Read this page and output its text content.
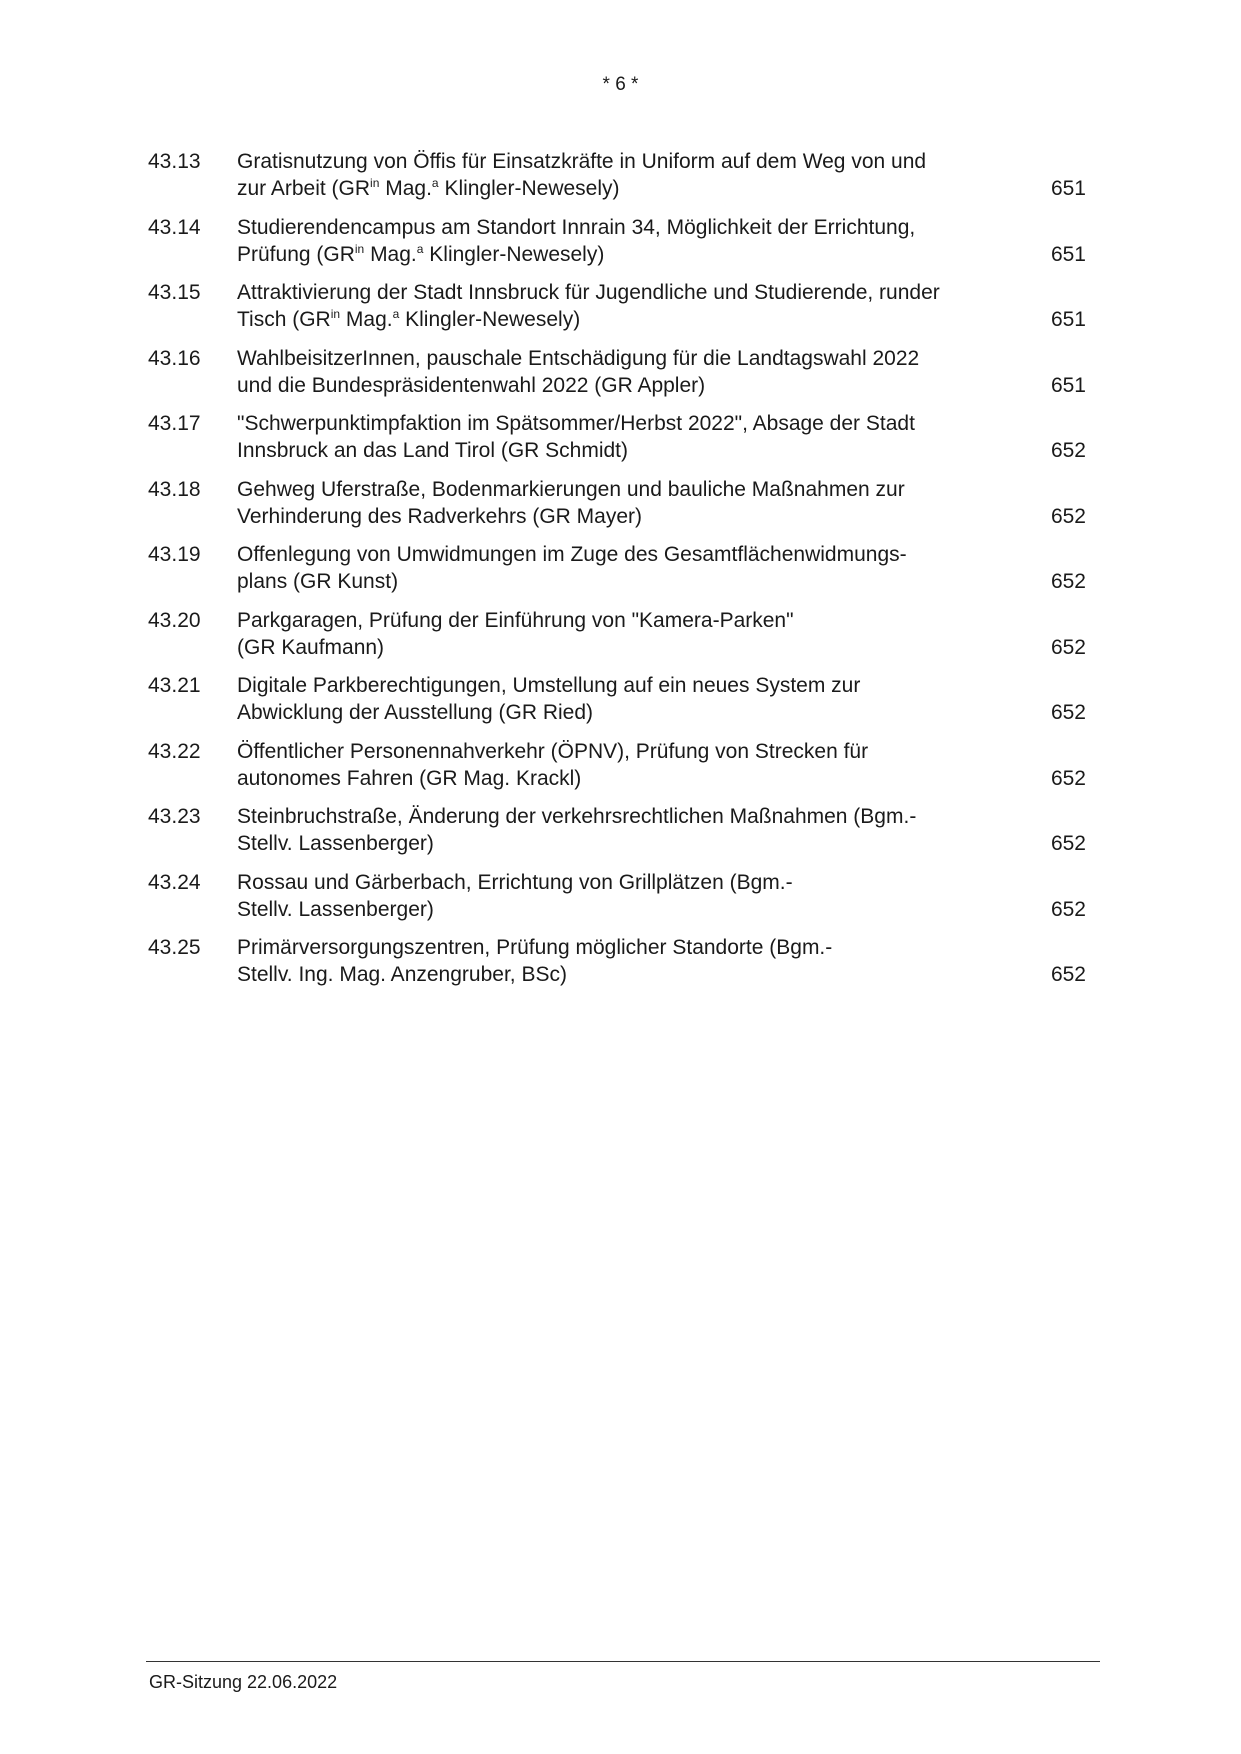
* 6 *
43.13 Gratisnutzung von Öffis für Einsatzkräfte in Uniform auf dem Weg von und
zur Arbeit ($GR^{in}$ Mag.$^a$ Klingler-Newesely)	651
43.14 Studierendencampus am Standort Innrain 34, Möglichkeit der Errichtung,
Prüfung ($GR^{in}$ Mag.$^a$ Klingler-Newesely)	651
43.15 Attraktivierung der Stadt Innsbruck für Jugendliche und Studierende, runder
Tisch ($GR^{in}$ Mag.$^a$ Klingler-Newesely)	651
43.16 WahlbeisitzerInnen, pauschale Entschädigung für die Landtagswahl 2022
und die Bundespräsidentenwahl 2022 (GR Appler)	651
43.17 "Schwerpunktimpfaktion im Spätsommer/Herbst 2022", Absage der Stadt
Innsbruck an das Land Tirol (GR Schmidt)	652
43.18 Gehweg Uferstraße, Bodenmarkierungen und bauliche Maßnahmen zur
Verhinderung des Radverkehrs (GR Mayer)	652
43.19 Offenlegung von Umwidmungen im Zuge des Gesamtflächenwidmungs-
plans (GR Kunst)	652
43.20 Parkgaragen, Prüfung der Einführung von "Kamera-Parken"
(GR Kaufmann)	652
43.21 Digitale Parkberechtigungen, Umstellung auf ein neues System zur
Abwicklung der Ausstellung (GR Ried)	652
43.22 Öffentlicher Personennahverkehr (ÖPNV), Prüfung von Strecken für
autonomes Fahren (GR Mag. Krackl)	652
43.23 Steinbruchstraße, Änderung der verkehrsrechtlichen Maßnahmen (Bgm.-
Stellv. Lassenberger)	652
43.24 Rossau und Gärberbach, Errichtung von Grillplätzen (Bgm.-
Stellv. Lassenberger)	652
43.25 Primärversorgungszentren, Prüfung möglicher Standorte (Bgm.-
Stellv. Ing. Mag. Anzengruber, BSc)	652
GR-Sitzung 22.06.2022
